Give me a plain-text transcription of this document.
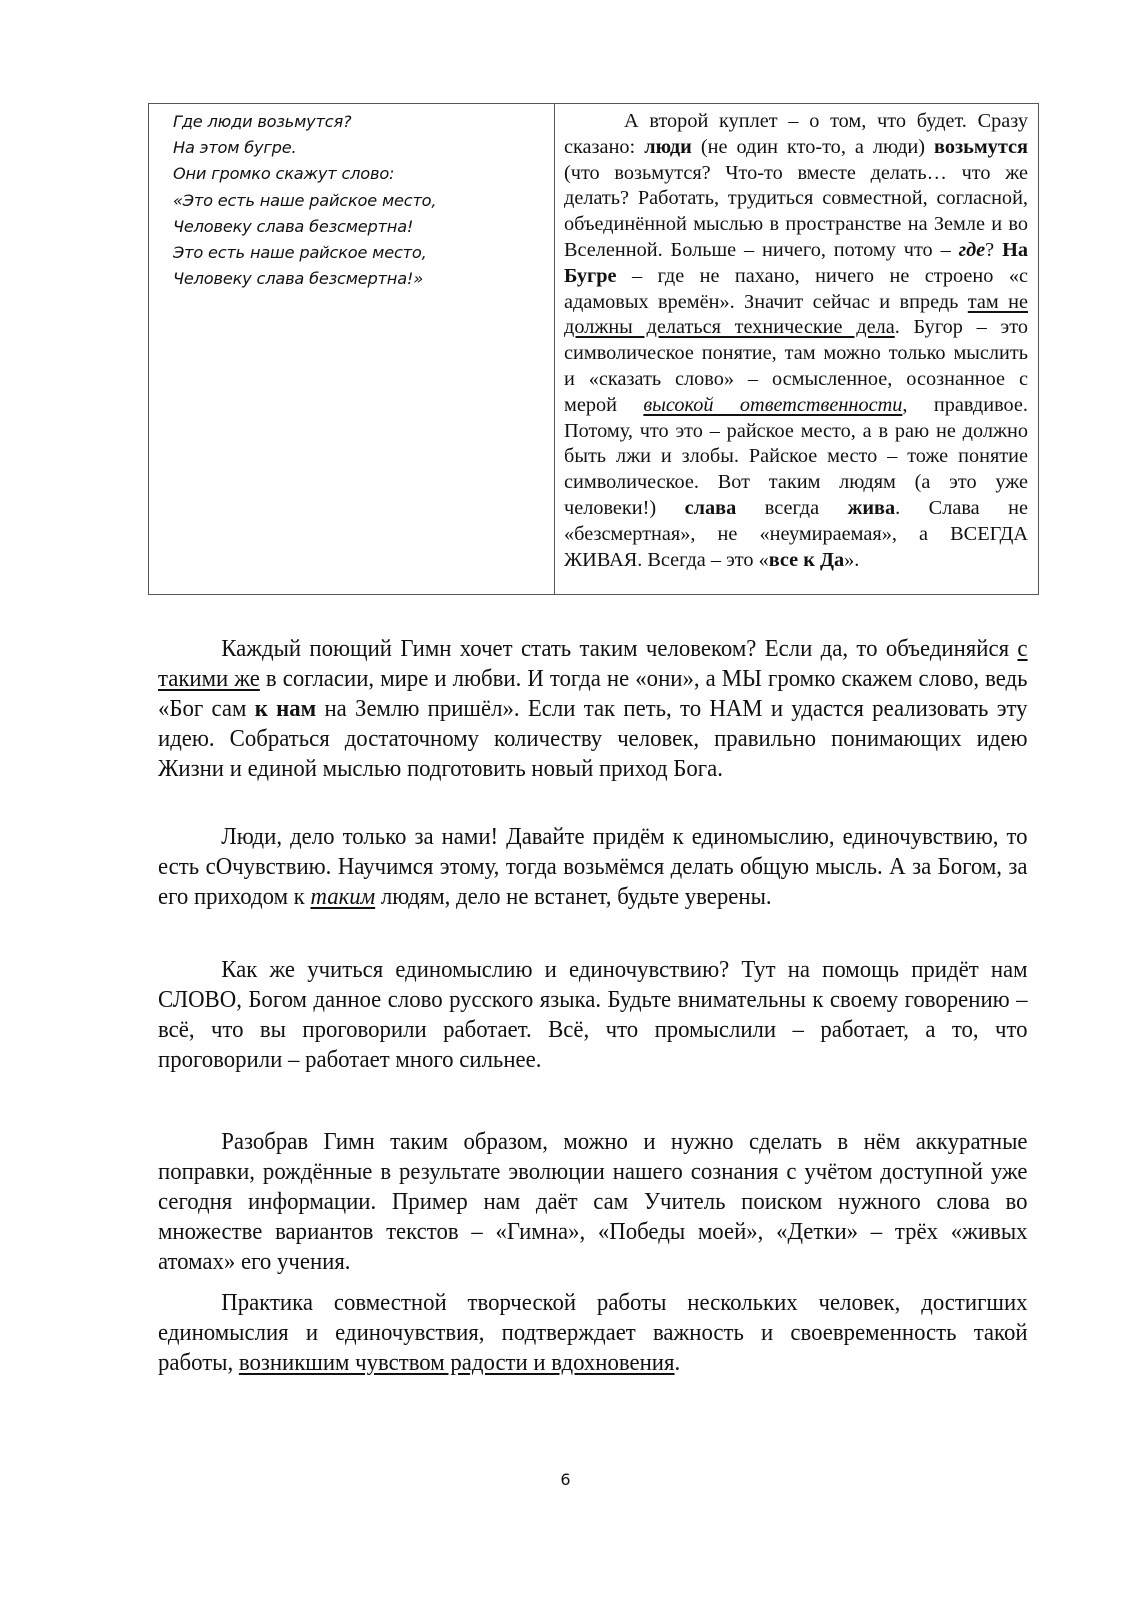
Где люди возьмутся?
На этом бугре.
Они громко скажут слово:
«Это есть наше райское место,
Человеку слава безсмертна!
Это есть наше райское место,
Человеку слава безсмертна!»

А второй куплет – о том, что будет. Сразу сказано: люди (не один кто-то, а люди) возьмутся (что возьмутся? Что-то вместе делать… что же делать? Работать, трудиться совместной, согласной, объединённой мыслью в пространстве на Земле и во Вселенной. Больше – ничего, потому что – где? На Бугре – где не пахано, ничего не строено «с адамовых времён». Значит сейчас и впредь там не должны делаться технические дела. Бугор – это символическое понятие, там можно только мыслить и «сказать слово» – осмысленное, осознанное с мерой высокой ответственности, правдивое. Потому, что это – райское место, а в раю не должно быть лжи и злобы. Райское место – тоже понятие символическое. Вот таким людям (а это уже человеки!) слава всегда жива. Слава не «безсмертная», не «неумираемая», а ВСЕГДА ЖИВАЯ. Всегда – это «все к Да».

Каждый поющий Гимн хочет стать таким человеком? Если да, то объединяйся с такими же в согласии, мире и любви. И тогда не «они», а МЫ громко скажем слово, ведь «Бог сам к нам на Землю пришёл». Если так петь, то НАМ и удастся реализовать эту идею. Собраться достаточному количеству человек, правильно понимающих идею Жизни и единой мыслью подготовить новый приход Бога.

Люди, дело только за нами! Давайте придём к единомыслию, единочувствию, то есть сОчувствию. Научимся этому, тогда возьмёмся делать общую мысль. А за Богом, за его приходом к таким людям, дело не встанет, будьте уверены.

Как же учиться единомыслию и единочувствию? Тут на помощь придёт нам СЛОВО, Богом данное слово русского языка. Будьте внимательны к своему говорению – всё, что вы проговорили работает. Всё, что промыслили – работает, а то, что проговорили – работает много сильнее.

Разобрав Гимн таким образом, можно и нужно сделать в нём аккуратные поправки, рождённые в результате эволюции нашего сознания с учётом доступной уже сегодня информации. Пример нам даёт сам Учитель поиском нужного слова во множестве вариантов текстов – «Гимна», «Победы моей», «Детки» – трёх «живых атомах» его учения.

Практика совместной творческой работы нескольких человек, достигших единомыслия и единочувствия, подтверждает важность и своевременность такой работы, возникшим чувством радости и вдохновения.

6
